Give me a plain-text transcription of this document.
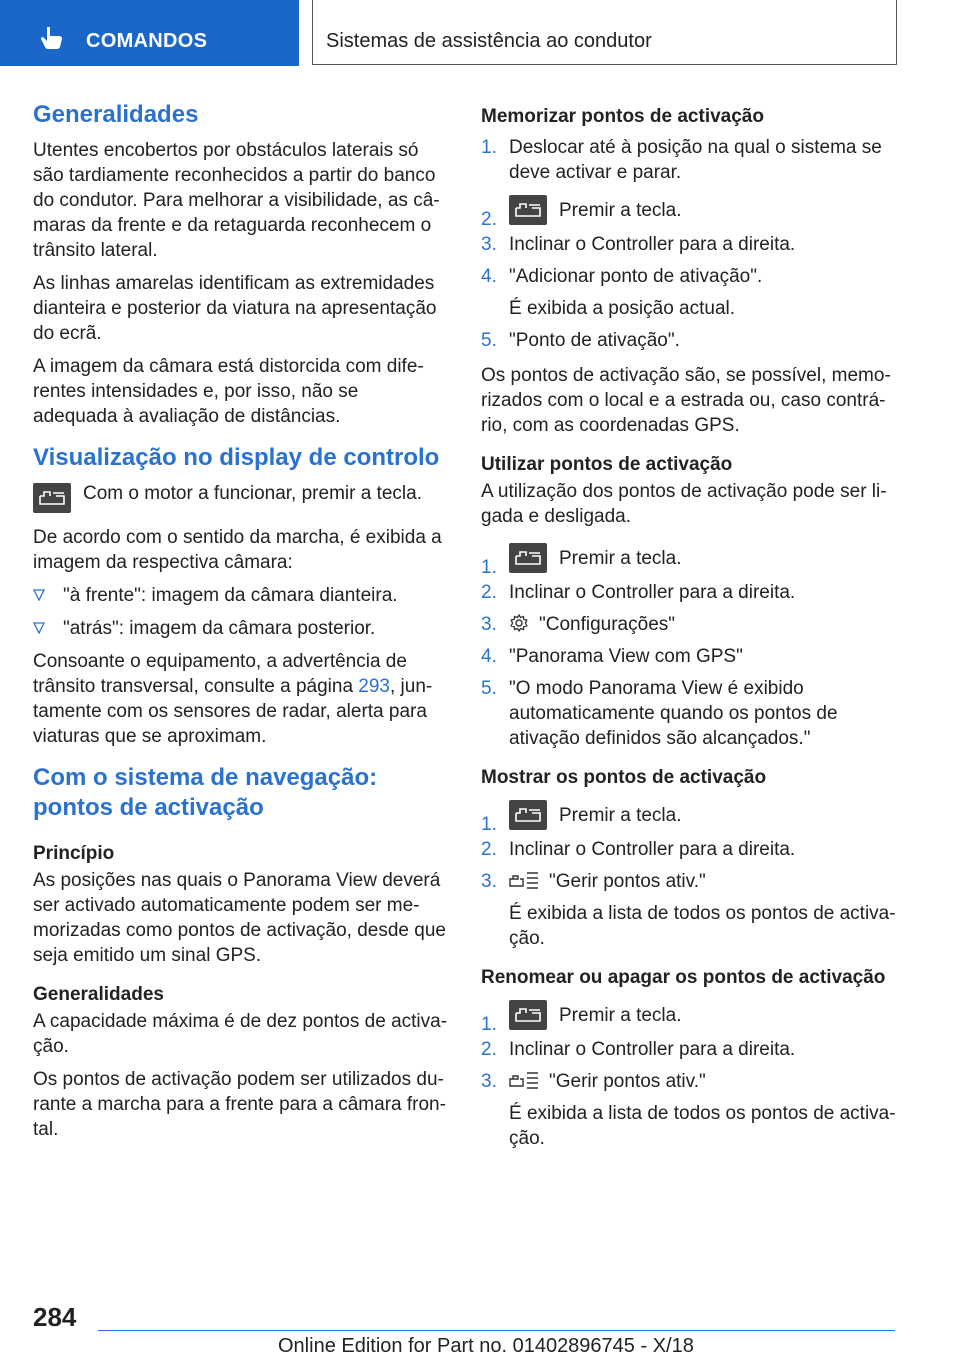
COMANDOS	Sistemas de assistência ao condutor
Generalidades

Utentes encobertos por obstáculos laterais só são tardiamente reconhecidos a partir do banco do condutor. Para melhorar a visibilidade, as câmaras da frente e da retaguarda reconhecem o trânsito lateral.

As linhas amarelas identificam as extremidades dianteira e posterior da viatura na apresentação do ecrã.

A imagem da câmara está distorcida com diferentes intensidades e, por isso, não se adequada à avaliação de distâncias.

Visualização no display de controlo
Com o motor a funcionar, premir a tecla.

De acordo com o sentido da marcha, é exibida a imagem da respectiva câmara:

"à frente": imagem da câmara dianteira.
"atrás": imagem da câmara posterior.

Consoante o equipamento, a advertência de trânsito transversal, consulte a página 293, juntamente com os sensores de radar, alerta para viaturas que se aproximam.

Com o sistema de navegação: pontos de activação
Princípio

As posições nas quais o Panorama View deverá ser activado automaticamente podem ser memorizadas como pontos de activação, desde que seja emitido um sinal GPS.

Generalidades

A capacidade máxima é de dez pontos de activação.

Os pontos de activação podem ser utilizados durante a marcha para a frente para a câmara frontal.

Memorizar pontos de activação
1. Deslocar até à posição na qual o sistema se deve activar e parar.
2.	Premir a tecla.
3. Inclinar o Controller para a direita.
4. "Adicionar ponto de ativação".
É exibida a posição actual.
5. "Ponto de ativação".

Os pontos de activação são, se possível, memorizados com o local e a estrada ou, caso contrário, com as coordenadas GPS.

Utilizar pontos de activação

A utilização dos pontos de activação pode ser ligada e desligada.

1.	Premir a tecla.
2. Inclinar o Controller para a direita.
3. "Configurações"
4. "Panorama View com GPS"
5. "O modo Panorama View é exibido automaticamente quando os pontos de ativação definidos são alcançados."
Mostrar os pontos de activação
1.	Premir a tecla.
2. Inclinar o Controller para a direita.
3.	"Gerir pontos ativ."
É exibida a lista de todos os pontos de activação.
Renomear ou apagar os pontos de activação
1.	Premir a tecla.
2. Inclinar o Controller para a direita.
3.	"Gerir pontos ativ."
É exibida a lista de todos os pontos de activação.
284
Online Edition for Part no. 01402896745 - X/18
